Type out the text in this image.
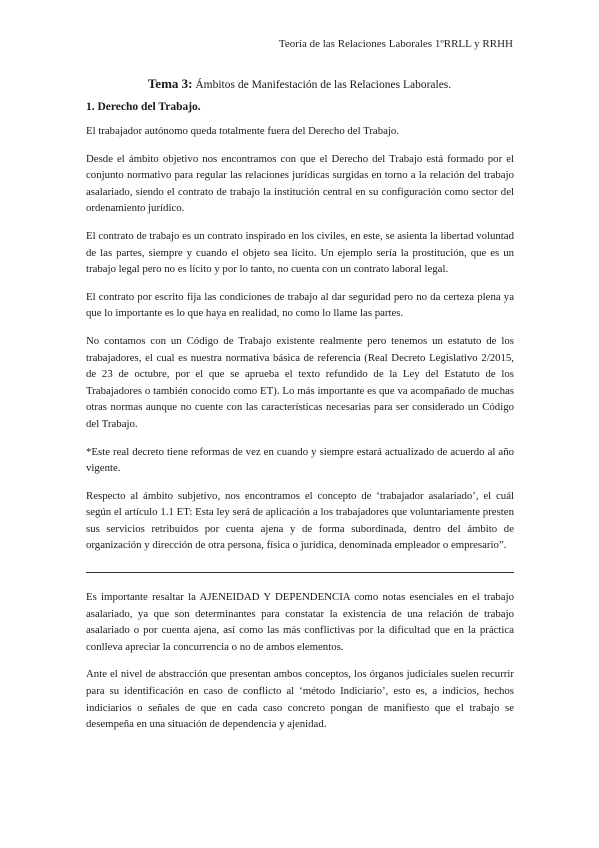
Teoría de las Relaciones Laborales 1ºRRLL y RRHH
Tema 3: Ámbitos de Manifestación de las Relaciones Laborales.
1. Derecho del Trabajo.

El trabajador autónomo queda totalmente fuera del Derecho del Trabajo.

Desde el ámbito objetivo nos encontramos con que el Derecho del Trabajo está formado por el conjunto normativo para regular las relaciones jurídicas surgidas en torno a la relación del trabajo asalariado, siendo el contrato de trabajo la institución central en su configuración como sector del ordenamiento jurídico.

El contrato de trabajo es un contrato inspirado en los civiles, en este, se asienta la libertad voluntad de las partes, siempre y cuando el objeto sea lícito. Un ejemplo sería la prostitución, que es un trabajo legal pero no es lícito y por lo tanto, no cuenta con un contrato laboral legal.

El contrato por escrito fija las condiciones de trabajo al dar seguridad pero no da certeza plena ya que lo importante es lo que haya en realidad, no como lo llame las partes.

No contamos con un Código de Trabajo existente realmente pero tenemos un estatuto de los trabajadores, el cual es nuestra normativa básica de referencia (Real Decreto Legislativo 2/2015, de 23 de octubre, por el que se aprueba el texto refundido de la Ley del Estatuto de los Trabajadores o también conocido como ET). Lo más importante es que va acompañado de muchas otras normas aunque no cuente con las características necesarias para ser considerado un Código del Trabajo.

*Este real decreto tiene reformas de vez en cuando y siempre estará actualizado de acuerdo al año vigente.

Respecto al ámbito subjetivo, nos encontramos el concepto de ‘trabajador asalariado’, el cuál según el artículo 1.1 ET: Esta ley será de aplicación a los trabajadores que voluntariamente presten sus servicios retribuidos por cuenta ajena y de forma subordinada, dentro del ámbito de organización y dirección de otra persona, física o jurídica, denominada empleador o empresario”.

Es importante resaltar la AJENEIDAD Y DEPENDENCIA como notas esenciales en el trabajo asalariado, ya que son determinantes para constatar la existencia de una relación de trabajo asalariado o por cuenta ajena, así como las más conflictivas por la dificultad que en la práctica conlleva apreciar la concurrencia o no de ambos elementos.

Ante el nivel de abstracción que presentan ambos conceptos, los órganos judiciales suelen recurrir para su identificación en caso de conflicto al ‘método Indiciario’, esto es, a indicios, hechos indiciarios o señales de que en cada caso concreto pongan de manifiesto que el trabajo se desempeña en una situación de dependencia y ajenidad.
